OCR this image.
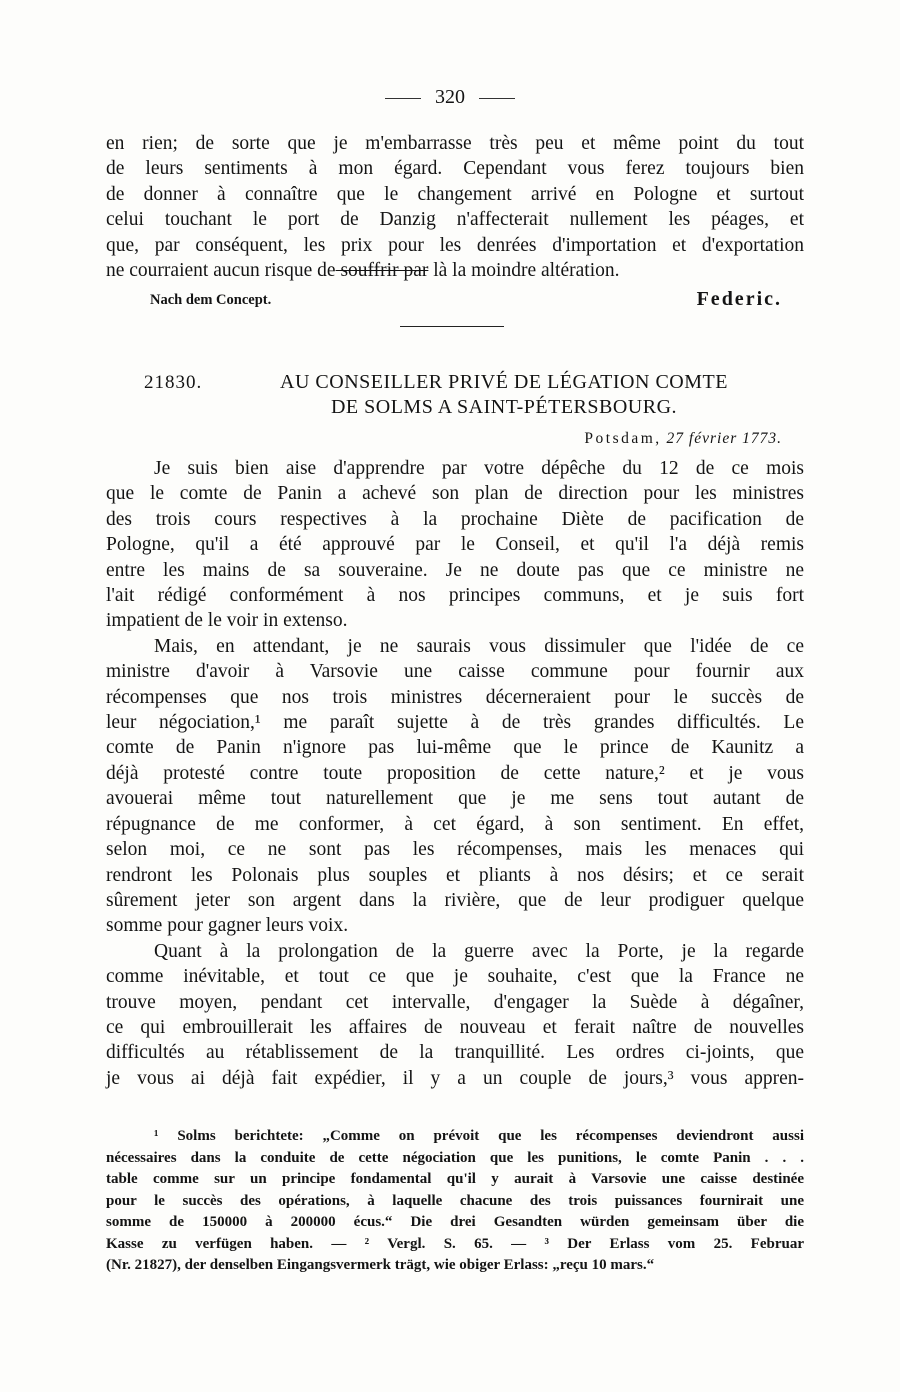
320
en rien; de sorte que je m'embarrasse très peu et même point du tout
de leurs sentiments à mon égard. Cependant vous ferez toujours bien
de donner à connaître que le changement arrivé en Pologne et surtout
celui touchant le port de Danzig n'affecterait nullement les péages, et
que, par conséquent, les prix pour les denrées d'importation et d'exportation
ne courraient aucun risque de souffrir par là la moindre altération.
Nach dem Concept.	Federic.
21830.	AU CONSEILLER PRIVÉ DE LÉGATION COMTE
DE SOLMS A SAINT-PÉTERSBOURG.
Potsdam, 27 février 1773.
Je suis bien aise d'apprendre par votre dépêche du 12 de ce mois
que le comte de Panin a achevé son plan de direction pour les ministres
des trois cours respectives à la prochaine Diète de pacification de
Pologne, qu'il a été approuvé par le Conseil, et qu'il l'a déjà remis
entre les mains de sa souveraine. Je ne doute pas que ce ministre ne
l'ait rédigé conformément à nos principes communs, et je suis fort
impatient de le voir in extenso.
Mais, en attendant, je ne saurais vous dissimuler que l'idée de ce
ministre d'avoir à Varsovie une caisse commune pour fournir aux
récompenses que nos trois ministres décerneraient pour le succès de
leur négociation,¹ me paraît sujette à de très grandes difficultés. Le
comte de Panin n'ignore pas lui-même que le prince de Kaunitz a
déjà protesté contre toute proposition de cette nature,² et je vous
avouerai même tout naturellement que je me sens tout autant de
répugnance de me conformer, à cet égard, à son sentiment. En effet,
selon moi, ce ne sont pas les récompenses, mais les menaces qui
rendront les Polonais plus souples et pliants à nos désirs; et ce serait
sûrement jeter son argent dans la rivière, que de leur prodiguer quelque
somme pour gagner leurs voix.
Quant à la prolongation de la guerre avec la Porte, je la regarde
comme inévitable, et tout ce que je souhaite, c'est que la France ne
trouve moyen, pendant cet intervalle, d'engager la Suède à dégaîner,
ce qui embrouillerait les affaires de nouveau et ferait naître de nouvelles
difficultés au rétablissement de la tranquillité. Les ordres ci-joints, que
je vous ai déjà fait expédier, il y a un couple de jours,³ vous appren-
¹ Solms berichtete: „Comme on prévoit que les récompenses deviendront aussi
nécessaires dans la conduite de cette négociation que les punitions, le comte Panin . . .
table comme sur un principe fondamental qu'il y aurait à Varsovie une caisse destinée
pour le succès des opérations, à laquelle chacune des trois puissances fournirait une
somme de 150000 à 200000 écus.“ Die drei Gesandten würden gemeinsam über die
Kasse zu verfügen haben. — ² Vergl. S. 65. — ³ Der Erlass vom 25. Februar
(Nr. 21827), der denselben Eingangsvermerk trägt, wie obiger Erlass: „reçu 10 mars.“
